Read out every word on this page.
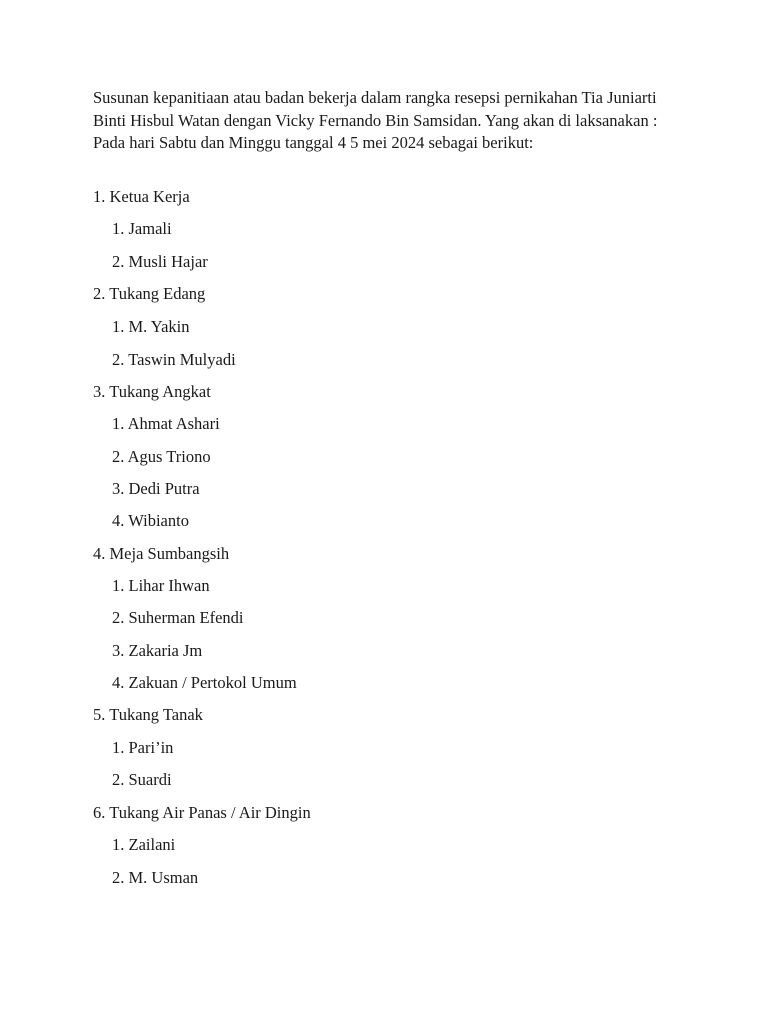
Susunan kepanitiaan atau badan bekerja dalam rangka resepsi pernikahan Tia Juniarti Binti Hisbul Watan dengan Vicky Fernando Bin Samsidan. Yang akan di laksanakan : Pada hari Sabtu dan Minggu tanggal 4 5 mei 2024 sebagai berikut:

1. Ketua Kerja
1. Jamali
2. Musli Hajar
2. Tukang Edang
1. M. Yakin
2. Taswin Mulyadi
3. Tukang Angkat
1. Ahmat Ashari
2. Agus Triono
3. Dedi Putra
4. Wibianto
4. Meja Sumbangsih
1. Lihar Ihwan
2. Suherman Efendi
3. Zakaria Jm
4. Zakuan / Pertokol Umum
5. Tukang Tanak
1. Pari’in
2. Suardi
6. Tukang Air Panas / Air Dingin
1. Zailani
2. M. Usman
